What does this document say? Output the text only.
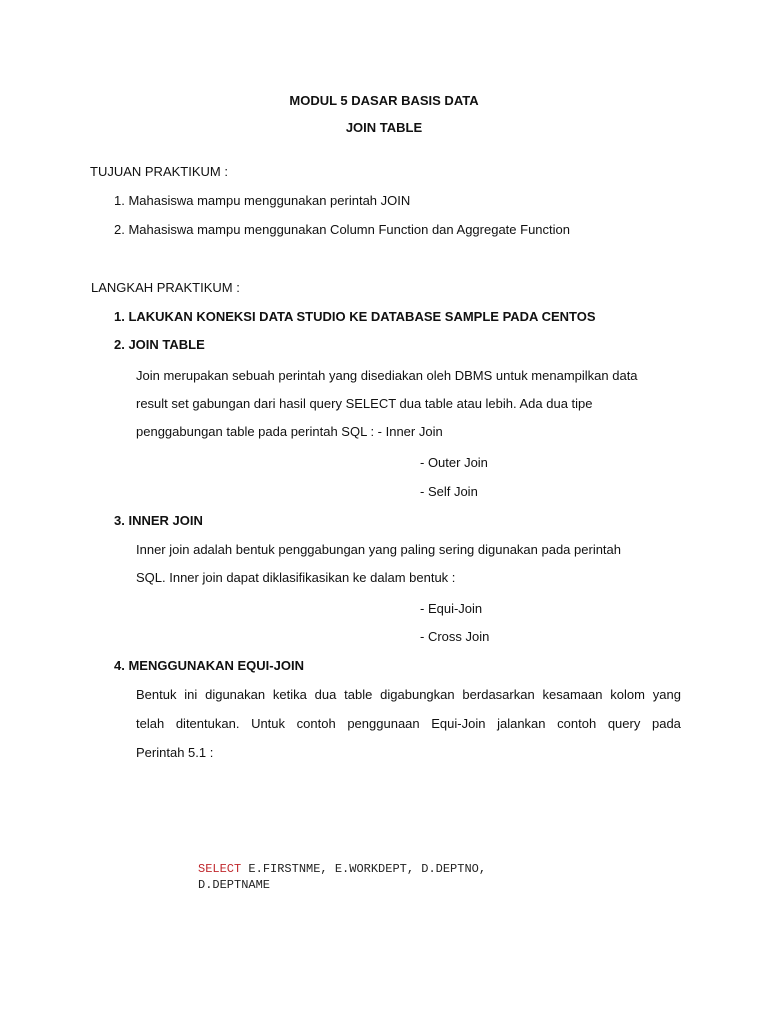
MODUL 5 DASAR BASIS DATA
JOIN TABLE
TUJUAN PRAKTIKUM :
1. Mahasiswa mampu menggunakan perintah JOIN
2. Mahasiswa mampu menggunakan Column Function dan Aggregate Function
LANGKAH PRAKTIKUM :
1. LAKUKAN KONEKSI DATA STUDIO KE DATABASE SAMPLE PADA CENTOS
2. JOIN TABLE
Join merupakan sebuah perintah yang disediakan oleh DBMS untuk menampilkan data
result set gabungan dari hasil query SELECT dua table atau lebih. Ada dua tipe
penggabungan table pada perintah SQL : - Inner Join
- Outer Join
- Self Join
3. INNER JOIN
Inner join adalah bentuk penggabungan yang paling sering digunakan pada perintah
SQL. Inner join dapat diklasifikasikan ke dalam bentuk :
- Equi-Join
- Cross Join
4. MENGGUNAKAN EQUI-JOIN
Bentuk ini digunakan ketika dua table digabungkan berdasarkan kesamaan kolom yang
telah ditentukan. Untuk contoh penggunaan Equi-Join jalankan contoh query pada
Perintah 5.1 :
SELECT E.FIRSTNME, E.WORKDEPT, D.DEPTNO,
D.DEPTNAME
